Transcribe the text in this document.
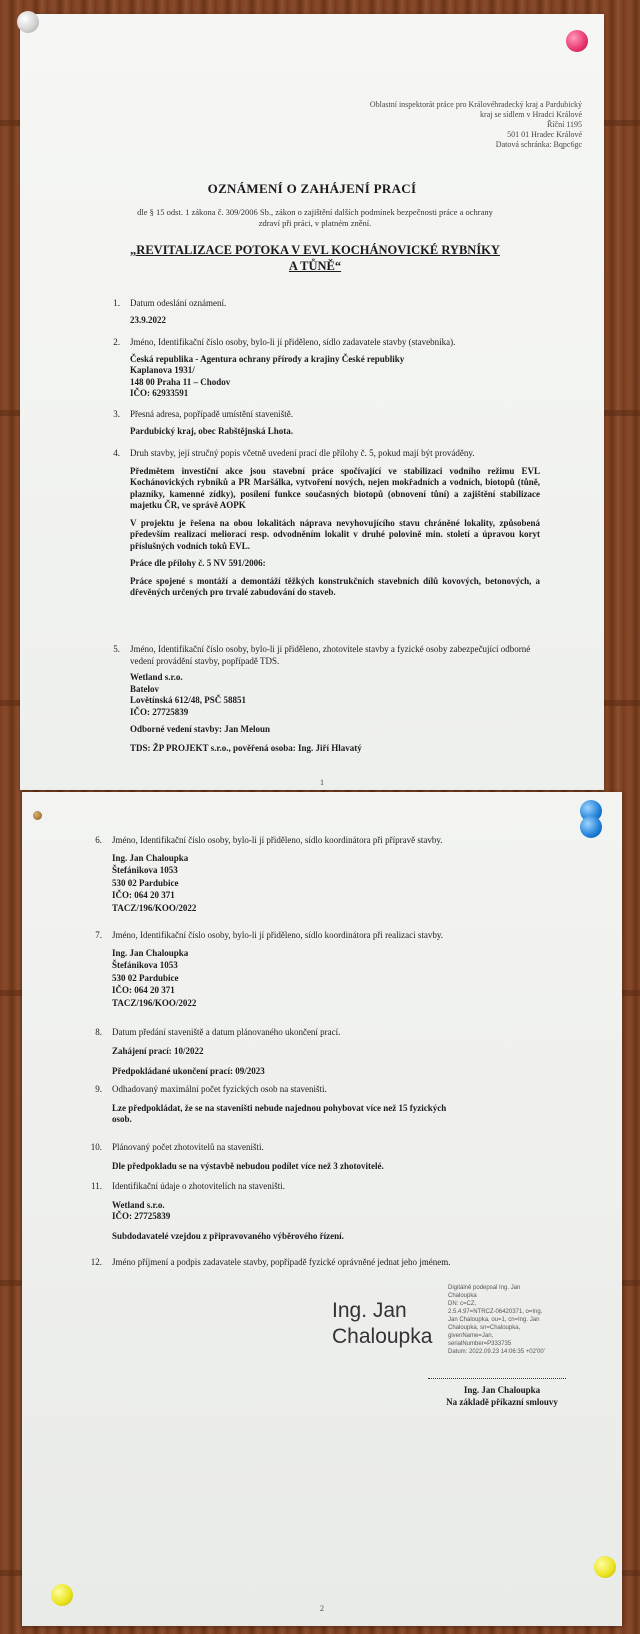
Oblastní inspektorát práce pro Královéhradecký kraj a Pardubický
kraj se sídlem v Hradci Králové
Říční 1195
501 01 Hradec Králové
Datová schránka: Bqpc6gc
OZNÁMENÍ O ZAHÁJENÍ PRACÍ
dle § 15 odst. 1 zákona č. 309/2006 Sb., zákon o zajištění dalších podmínek bezpečnosti práce a ochrany
zdraví při práci, v platném znění.
„REVITALIZACE POTOKA V EVL KOCHÁNOVICKÉ RYBNÍKY
A TŮNĚ“
1. Datum odeslání oznámení.
23.9.2022
2. Jméno, Identifikační číslo osoby, bylo-li jí přiděleno, sídlo zadavatele stavby (stavebníka).
Česká republika - Agentura ochrany přírody a krajiny České republiky
Kaplanova 1931/
148 00 Praha 11 – Chodov
IČO: 62933591
3. Přesná adresa, popřípadě umístění staveniště.
Pardubický kraj, obec Rabštějnská Lhota.
4. Druh stavby, její stručný popis včetně uvedení prací dle přílohy č. 5, pokud mají být prováděny.
Předmětem investiční akce jsou stavební práce spočívající ve stabilizaci vodního režimu EVL Kochánovických rybníků a PR Maršálka, vytvoření nových, nejen mokřadních a vodních, biotopů (tůně, plazníky, kamenné zídky), posílení funkce současných biotopů (obnovení tůní) a zajištění stabilizace majetku ČR, ve správě AOPK
V projektu je řešena na obou lokalitách náprava nevyhovujícího stavu chráněné lokality, způsobená především realizací meliorací resp. odvodněním lokalit v druhé polovině min. století a úpravou koryt příslušných vodních toků EVL.
Práce dle přílohy č. 5 NV 591/2006:
Práce spojené s montáží a demontáží těžkých konstrukčních stavebních dílů kovových, betonových, a dřevěných určených pro trvalé zabudování do staveb.
5. Jméno, Identifikační číslo osoby, bylo-li jí přiděleno, zhotovitele stavby a fyzické osoby zabezpečující odborné vedení provádění stavby, popřípadě TDS.
Wetland s.r.o.
Batelov
Lovětínská 612/48, PSČ 58851
IČO: 27725839
Odborné vedení stavby: Jan Meloun
TDS: ŽP PROJEKT s.r.o., pověřená osoba: Ing. Jiří Hlavatý
1
6. Jméno, Identifikační číslo osoby, bylo-li jí přiděleno, sídlo koordinátora při přípravě stavby.
Ing. Jan Chaloupka
Štefánikova 1053
530 02 Pardubice
IČO: 064 20 371
TACZ/196/KOO/2022
7. Jméno, Identifikační číslo osoby, bylo-li jí přiděleno, sídlo koordinátora při realizaci stavby.
Ing. Jan Chaloupka
Štefánikova 1053
530 02 Pardubice
IČO: 064 20 371
TACZ/196/KOO/2022
8. Datum předání staveniště a datum plánovaného ukončení prací.
Zahájení prací: 10/2022
Předpokládané ukončení prací: 09/2023
9. Odhadovaný maximální počet fyzických osob na staveništi.
Lze předpokládat, že se na staveništi nebude najednou pohybovat více než 15 fyzických
osob.
10. Plánovaný počet zhotovitelů na staveništi.
Dle předpokladu se na výstavbě nebudou podílet více než 3 zhotovitelé.
11. Identifikační údaje o zhotovitelích na staveništi.
Wetland s.r.o.
IČO: 27725839
Subdodavatelé vzejdou z připravovaného výběrového řízení.
12. Jméno příjmení a podpis zadavatele stavby, popřípadě fyzické oprávněné jednat jeho jménem.
Ing. Jan
Chaloupka
Digitálně podepsal Ing. Jan
Chaloupka
DN: c=CZ,
2.5.4.97=NTRCZ-06420371, o=Ing.
Jan Chaloupka, ou=1, cn=Ing. Jan
Chaloupka, sn=Chaloupka,
givenName=Jan,
serialNumber=P333735
Datum: 2022.09.23 14:06:35 +02'00'
Ing. Jan Chaloupka
Na základě příkazní smlouvy
2
